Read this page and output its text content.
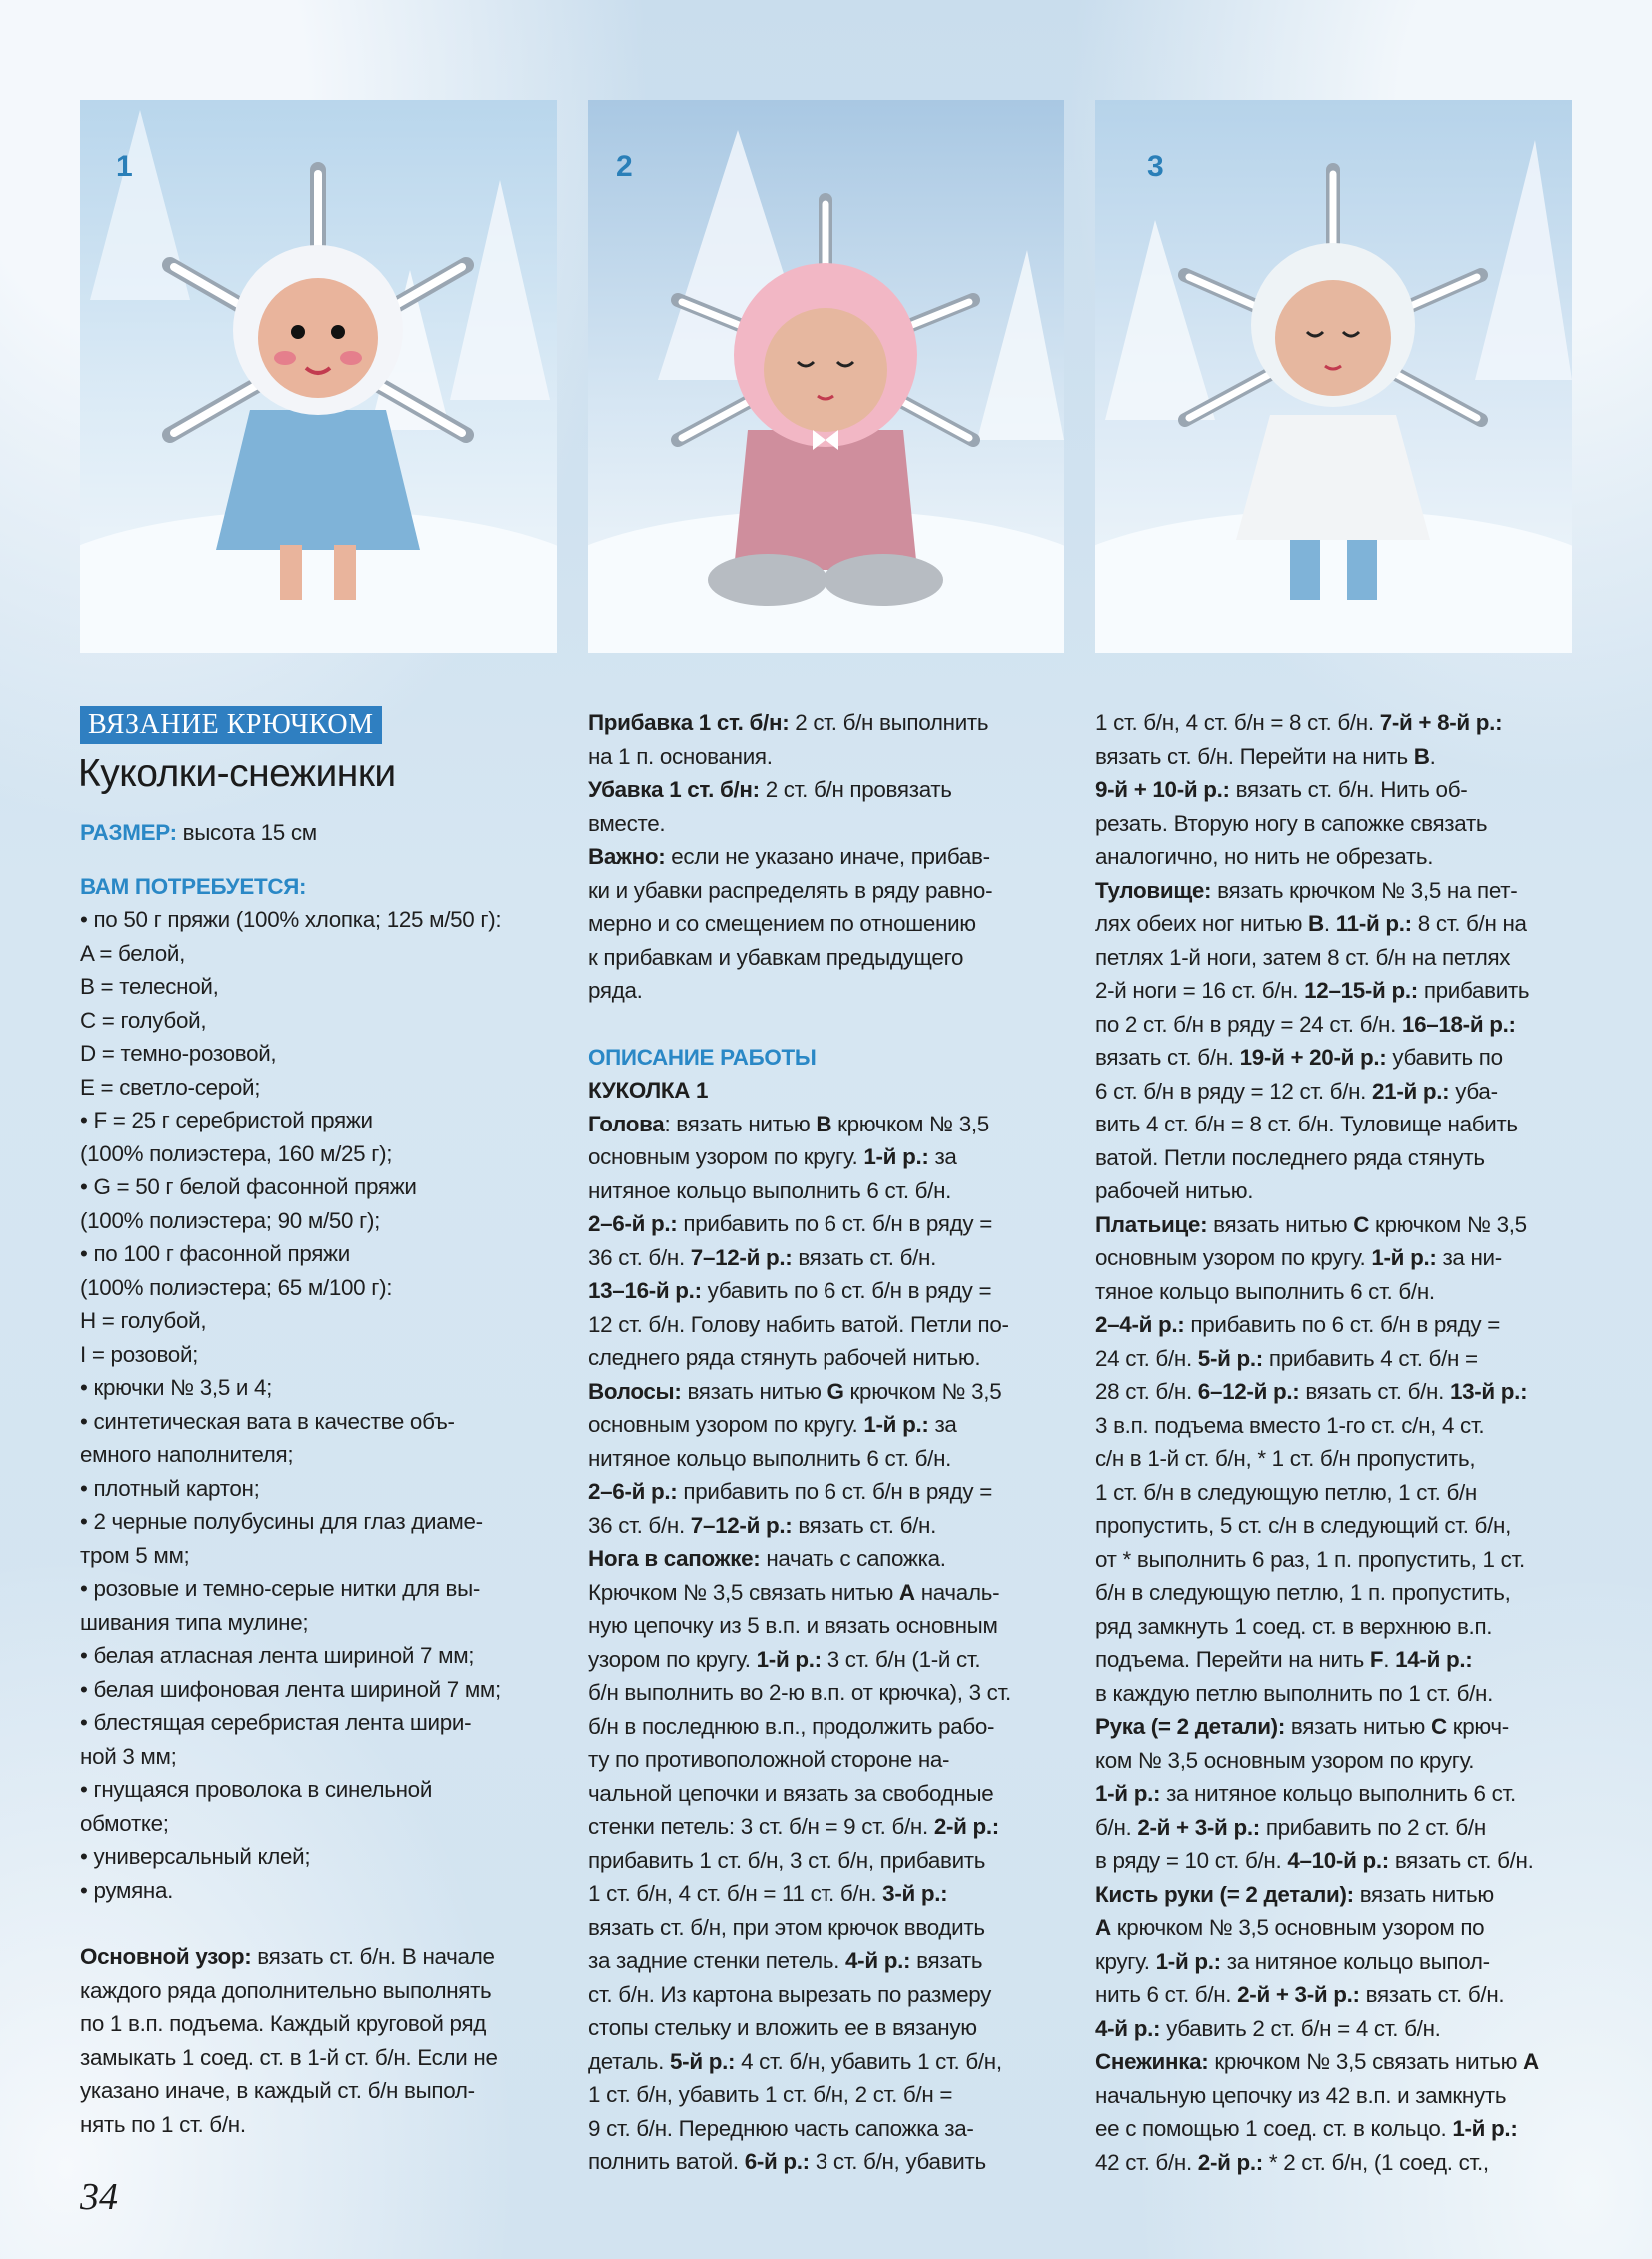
1	2	3
ВЯЗАНИЕ КРЮЧКОМ
Куколки-снежинки

РАЗМЕР: высота 15 см

ВАМ ПОТРЕБУЕТСЯ:

• по 50 г пряжи (100% хлопка; 125 м/50 г):

A = белой,

B = телесной,

C = голубой,

D = темно-розовой,

E = светло-серой;

• F = 25 г серебристой пряжи

(100% полиэстера, 160 м/25 г);

• G = 50 г белой фасонной пряжи

(100% полиэстера; 90 м/50 г);

• по 100 г фасонной пряжи

(100% полиэстера; 65 м/100 г):

H = голубой,

I = розовой;

• крючки № 3,5 и 4;

• синтетическая вата в качестве объ-

емного наполнителя;

• плотный картон;

• 2 черные полубусины для глаз диаме-

тром 5 мм;

• розовые и темно-серые нитки для вы-

шивания типа мулине;

• белая атласная лента шириной 7 мм;

• белая шифоновая лента шириной 7 мм;

• блестящая серебристая лента шири-

ной 3 мм;

• гнущаяся проволока в синельной

обмотке;

• универсальный клей;

• румяна.

Основной узор: вязать ст. б/н. В начале

каждого ряда дополнительно выполнять

по 1 в.п. подъема. Каждый круговой ряд

замыкать 1 соед. ст. в 1-й ст. б/н. Если не

указано иначе, в каждый ст. б/н выпол-

нять по 1 ст. б/н.

Прибавка 1 ст. б/н: 2 ст. б/н выполнить

на 1 п. основания.

Убавка 1 ст. б/н: 2 ст. б/н провязать

вместе.

Важно: если не указано иначе, прибав-

ки и убавки распределять в ряду равно-

мерно и со смещением по отношению

к прибавкам и убавкам предыдущего

ряда.

ОПИСАНИЕ РАБОТЫ

КУКОЛКА 1

Голова: вязать нитью B крючком № 3,5

основным узором по кругу. 1-й р.: за

нитяное кольцо выполнить 6 ст. б/н.

2–6-й р.: прибавить по 6 ст. б/н в ряду =

36 ст. б/н. 7–12-й р.: вязать ст. б/н.

13–16-й р.: убавить по 6 ст. б/н в ряду =

12 ст. б/н. Голову набить ватой. Петли по-

следнего ряда стянуть рабочей нитью.

Волосы: вязать нитью G крючком № 3,5

основным узором по кругу. 1-й р.: за

нитяное кольцо выполнить 6 ст. б/н.

2–6-й р.: прибавить по 6 ст. б/н в ряду =

36 ст. б/н. 7–12-й р.: вязать ст. б/н.

Нога в сапожке: начать с сапожка.

Крючком № 3,5 связать нитью A началь-

ную цепочку из 5 в.п. и вязать основным

узором по кругу. 1-й р.: 3 ст. б/н (1-й ст.

б/н выполнить во 2-ю в.п. от крючка), 3 ст.

б/н в последнюю в.п., продолжить рабо-

ту по противоположной стороне на-

чальной цепочки и вязать за свободные

стенки петель: 3 ст. б/н = 9 ст. б/н. 2-й р.:

прибавить 1 ст. б/н, 3 ст. б/н, прибавить

1 ст. б/н, 4 ст. б/н = 11 ст. б/н. 3-й р.:

вязать ст. б/н, при этом крючок вводить

за задние стенки петель. 4-й р.: вязать

ст. б/н. Из картона вырезать по размеру

стопы стельку и вложить ее в вязаную

деталь. 5-й р.: 4 ст. б/н, убавить 1 ст. б/н,

1 ст. б/н, убавить 1 ст. б/н, 2 ст. б/н =

9 ст. б/н. Переднюю часть сапожка за-

полнить ватой. 6-й р.: 3 ст. б/н, убавить

1 ст. б/н, 4 ст. б/н = 8 ст. б/н. 7-й + 8-й р.:

вязать ст. б/н. Перейти на нить B.

9-й + 10-й р.: вязать ст. б/н. Нить об-

резать. Вторую ногу в сапожке связать

аналогично, но нить не обрезать.

Туловище: вязать крючком № 3,5 на пет-

лях обеих ног нитью B. 11-й р.: 8 ст. б/н на

петлях 1-й ноги, затем 8 ст. б/н на петлях

2-й ноги = 16 ст. б/н. 12–15-й р.: прибавить

по 2 ст. б/н в ряду = 24 ст. б/н. 16–18-й р.:

вязать ст. б/н. 19-й + 20-й р.: убавить по

6 ст. б/н в ряду = 12 ст. б/н. 21-й р.: уба-

вить 4 ст. б/н = 8 ст. б/н. Туловище набить

ватой. Петли последнего ряда стянуть

рабочей нитью.

Платьице: вязать нитью C крючком № 3,5

основным узором по кругу. 1-й р.: за ни-

тяное кольцо выполнить 6 ст. б/н.

2–4-й р.: прибавить по 6 ст. б/н в ряду =

24 ст. б/н. 5-й р.: прибавить 4 ст. б/н =

28 ст. б/н. 6–12-й р.: вязать ст. б/н. 13-й р.:

3 в.п. подъема вместо 1-го ст. с/н, 4 ст.

с/н в 1-й ст. б/н, * 1 ст. б/н пропустить,

1 ст. б/н в следующую петлю, 1 ст. б/н

пропустить, 5 ст. с/н в следующий ст. б/н,

от * выполнить 6 раз, 1 п. пропустить, 1 ст.

б/н в следующую петлю, 1 п. пропустить,

ряд замкнуть 1 соед. ст. в верхнюю в.п.

подъема. Перейти на нить F. 14-й р.:

в каждую петлю выполнить по 1 ст. б/н.

Рука (= 2 детали): вязать нитью C крюч-

ком № 3,5 основным узором по кругу.

1-й р.: за нитяное кольцо выполнить 6 ст.

б/н. 2-й + 3-й р.: прибавить по 2 ст. б/н

в ряду = 10 ст. б/н. 4–10-й р.: вязать ст. б/н.

Кисть руки (= 2 детали): вязать нитью

A крючком № 3,5 основным узором по

кругу. 1-й р.: за нитяное кольцо выпол-

нить 6 ст. б/н. 2-й + 3-й р.: вязать ст. б/н.

4-й р.: убавить 2 ст. б/н = 4 ст. б/н.

Снежинка: крючком № 3,5 связать нитью A

начальную цепочку из 42 в.п. и замкнуть

ее с помощью 1 соед. ст. в кольцо. 1-й р.:

42 ст. б/н. 2-й р.: * 2 ст. б/н, (1 соед. ст.,

34
